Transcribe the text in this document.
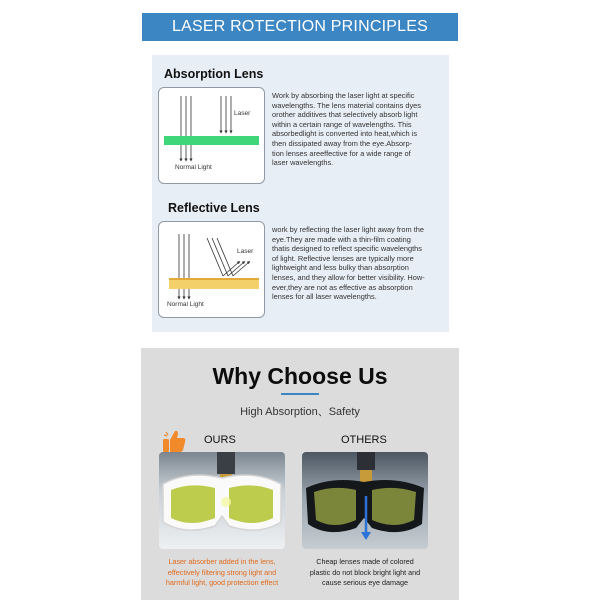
LASER ROTECTION PRINCIPLES
Absorption Lens
Laser
Normal Light
Work by absorbing the laser light at specific
wavelengths. The lens material contains dyes
orother additives that selectively absorb light
within a certain range of wavelengths. This
absorbedlight is converted into heat,which is
then dissipated away from the eye.Absorp-
tion lenses areeffective for a wide range of
laser wavelengths.
Reflective Lens
Laser
Normal Light
work by reflecting the laser light away from the
eye.They are made with a thin-film coating
thatis designed to reflect specific wavelengths
of light. Reflective lenses are typically more
lightweight and less bulky than absorption
lenses, and they allow for better visibility. How-
ever,they are not as effective as absorption
lenses for all laser wavelengths.
Why Choose Us
High Absorption、Safety
OURS	OTHERS
Laser absorber added in the lens,
effectively filtering strong light and
harmful light, good protection effect
Cheap lenses made of colored
plastic do not block bright light and
cause serious eye damage
